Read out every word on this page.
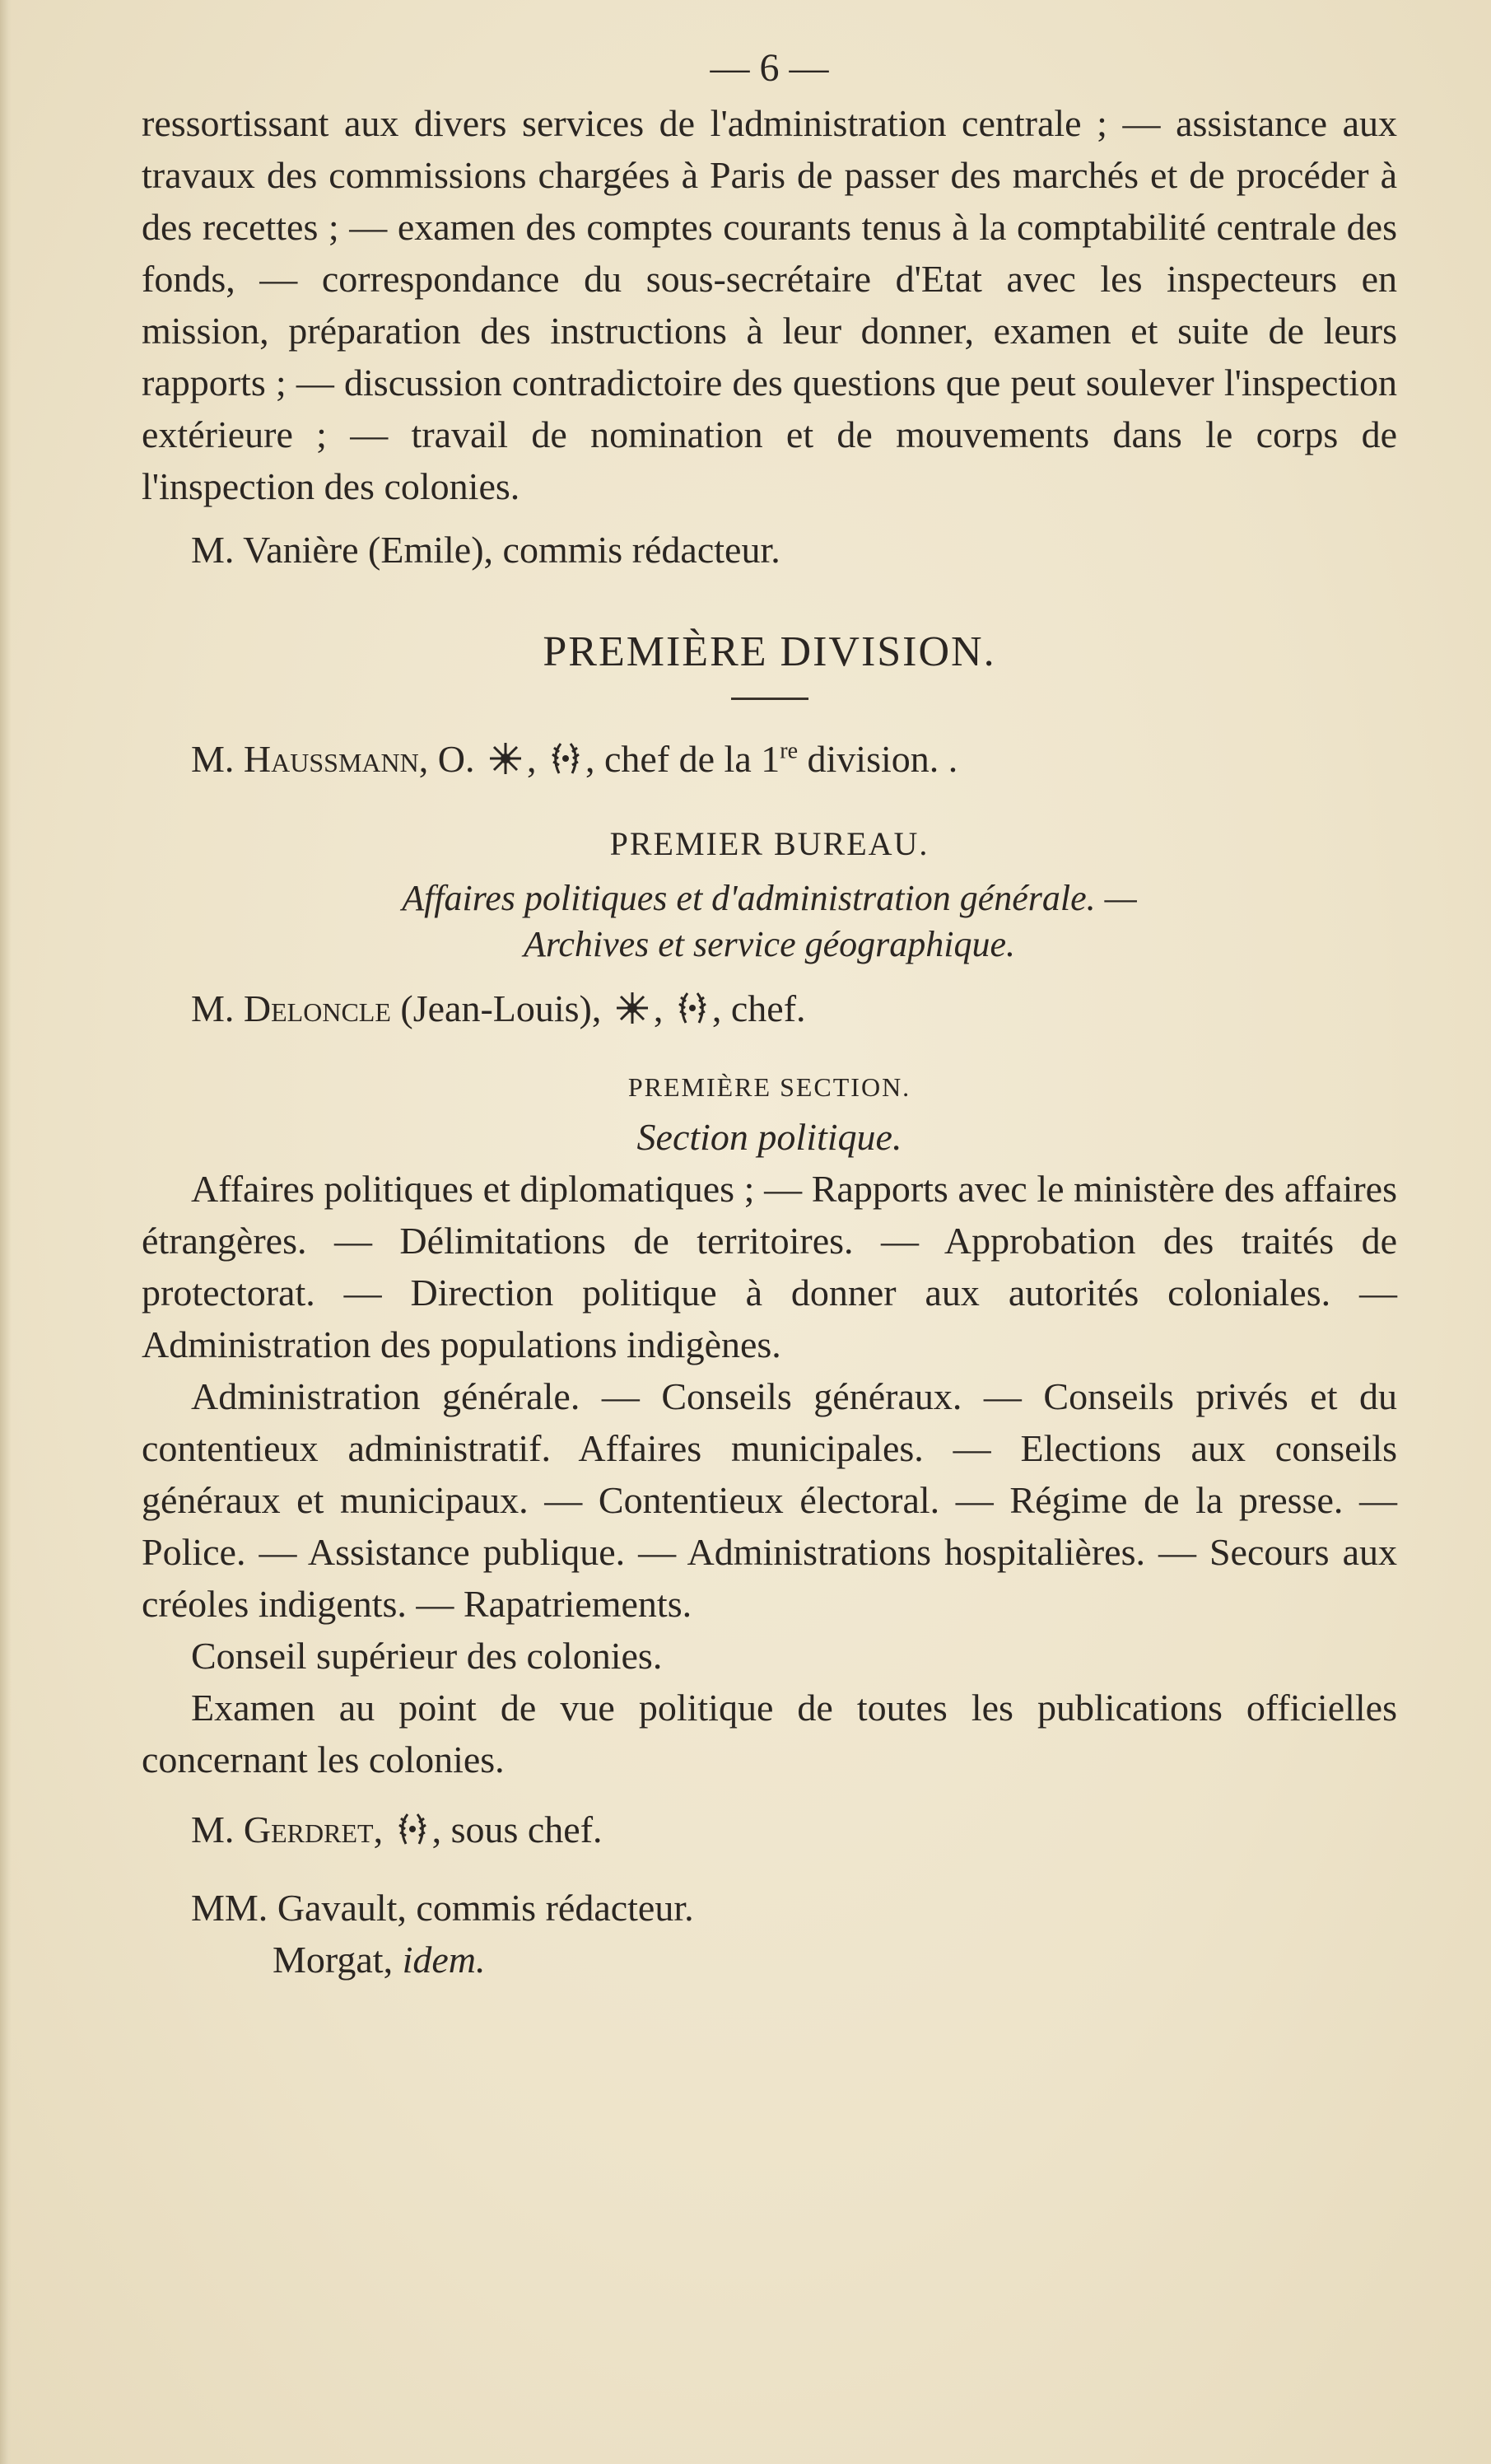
— 6 —

ressortissant aux divers services de l'administration centrale ; — assistance aux travaux des commissions chargées à Paris de passer des marchés et de procéder à des recettes ; — examen des comptes courants tenus à la comptabilité centrale des fonds, — correspondance du sous-secrétaire d'Etat avec les inspecteurs en mission, préparation des instructions à leur donner, examen et suite de leurs rapports ; — discussion contradictoire des questions que peut soulever l'inspection extérieure ; — travail de nomination et de mouvements dans le corps de l'inspection des colonies.

M. Vanière (Emile), commis rédacteur.

PREMIÈRE DIVISION.

M. Haussmann, O. , , chef de la 1re division. .

PREMIER BUREAU.
Affaires politiques et d'administration générale. —
Archives et service géographique.

M. Deloncle (Jean-Louis), , , chef.

PREMIÈRE SECTION.
Section politique.

Affaires politiques et diplomatiques ; — Rapports avec le ministère des affaires étrangères. — Délimitations de territoires. — Approbation des traités de protectorat. — Direction politique à donner aux autorités coloniales. — Administration des populations indigènes.

Administration générale. — Conseils généraux. — Conseils privés et du contentieux administratif. Affaires municipales. — Elections aux conseils généraux et municipaux. — Contentieux électoral. — Régime de la presse. — Police. — Assistance publique. — Administrations hospitalières. — Secours aux créoles indigents. — Rapatriements.

Conseil supérieur des colonies.

Examen au point de vue politique de toutes les publications officielles concernant les colonies.

M. Gerdret, , sous chef.

MM. Gavault, commis rédacteur.

Morgat, idem.
